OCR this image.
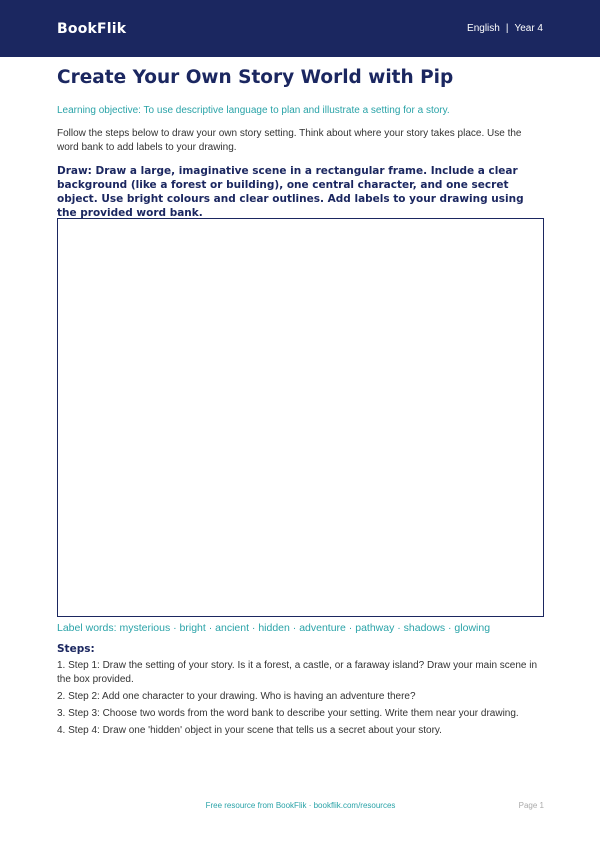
BookFlik	English | Year 4
Create Your Own Story World with Pip

Learning objective: To use descriptive language to plan and illustrate a setting for a story.

Follow the steps below to draw your own story setting. Think about where your story takes place. Use the word bank to add labels to your drawing.

Draw: Draw a large, imaginative scene in a rectangular frame. Include a clear background (like a forest or building), one central character, and one secret object. Use bright colours and clear outlines. Add labels to your drawing using the provided word bank.

Label words: mysterious · bright · ancient · hidden · adventure · pathway · shadows · glowing

Steps:

1. Step 1: Draw the setting of your story. Is it a forest, a castle, or a faraway island? Draw your main scene in the box provided.

2. Step 2: Add one character to your drawing. Who is having an adventure there?

3. Step 3: Choose two words from the word bank to describe your setting. Write them near your drawing.

4. Step 4: Draw one 'hidden' object in your scene that tells us a secret about your story.

Free resource from BookFlik · bookflik.com/resources	Page 1
